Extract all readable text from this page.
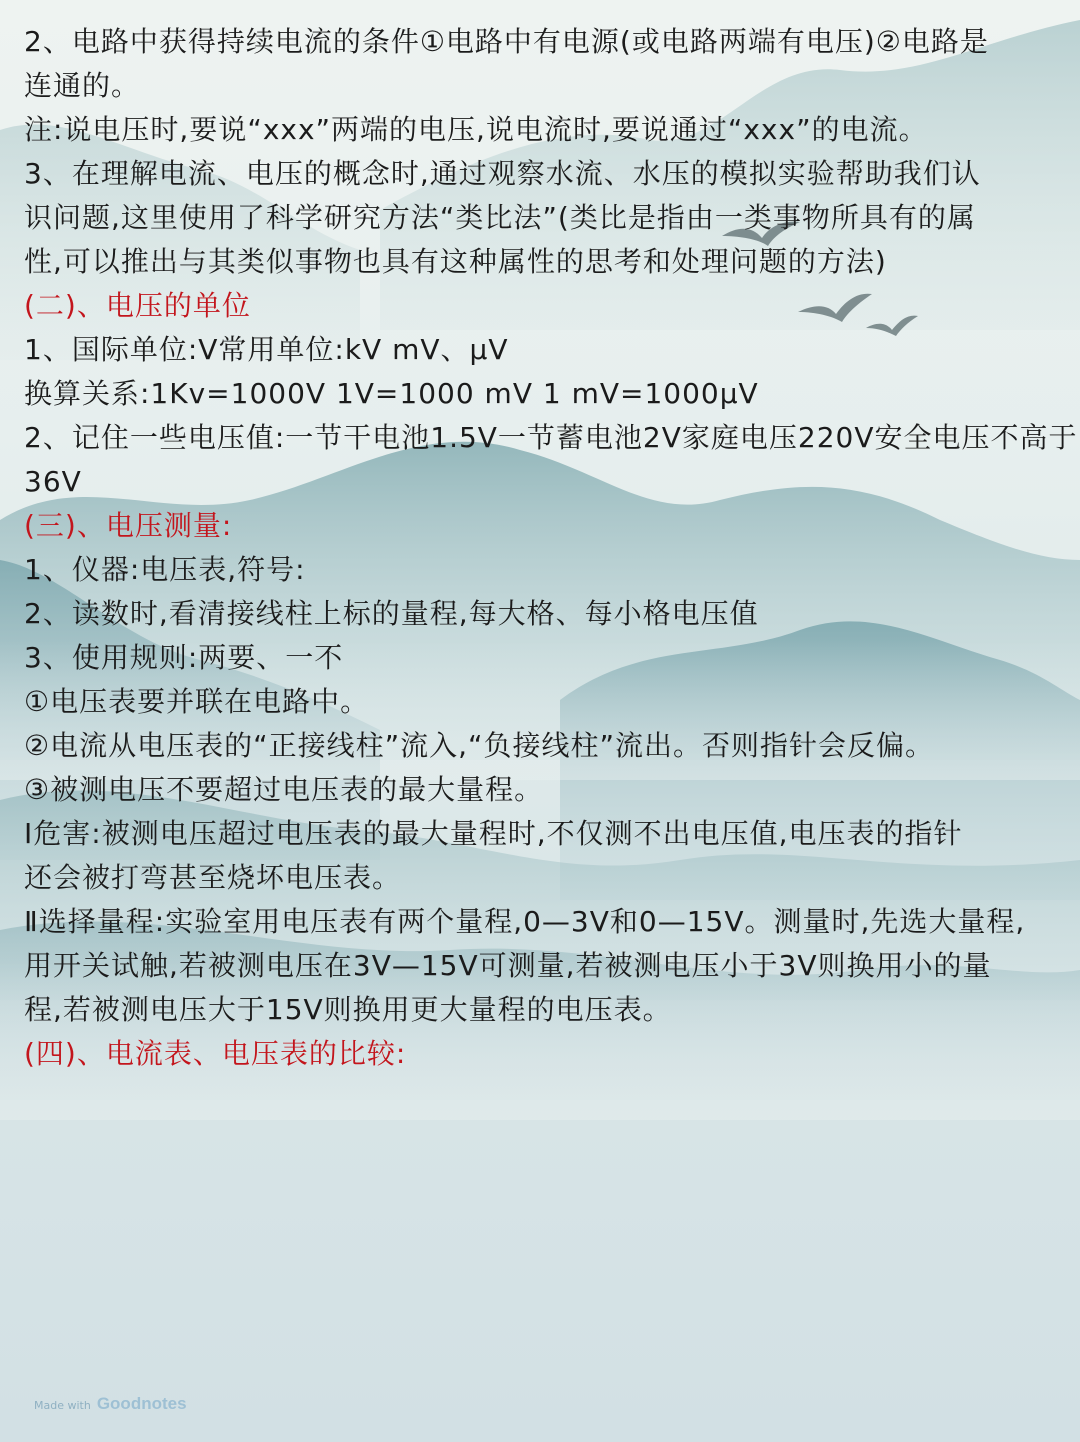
2、电路中获得持续电流的条件①电路中有电源(或电路两端有电压)②电路是
连通的。
注:说电压时,要说“xxx”两端的电压,说电流时,要说通过“xxx”的电流。
3、在理解电流、电压的概念时,通过观察水流、水压的模拟实验帮助我们认
识问题,这里使用了科学研究方法“类比法”(类比是指由一类事物所具有的属
性,可以推出与其类似事物也具有这种属性的思考和处理问题的方法)
(二)、电压的单位
1、国际单位:V常用单位:kV mV、μV
换算关系:1Kv=1000V 1V=1000 mV 1 mV=1000μV
2、记住一些电压值:一节干电池1.5V一节蓄电池2V家庭电压220V安全电压不高于
36V
(三)、电压测量:
1、仪器:电压表,符号:
2、读数时,看清接线柱上标的量程,每大格、每小格电压值
3、使用规则:两要、一不
①电压表要并联在电路中。
②电流从电压表的“正接线柱”流入,“负接线柱”流出。否则指针会反偏。
③被测电压不要超过电压表的最大量程。
Ⅰ危害:被测电压超过电压表的最大量程时,不仅测不出电压值,电压表的指针
还会被打弯甚至烧坏电压表。
Ⅱ选择量程:实验室用电压表有两个量程,0—3V和0—15V。测量时,先选大量程,
用开关试触,若被测电压在3V—15V可测量,若被测电压小于3V则换用小的量
程,若被测电压大于15V则换用更大量程的电压表。
(四)、电流表、电压表的比较:
Made with Goodnotes
